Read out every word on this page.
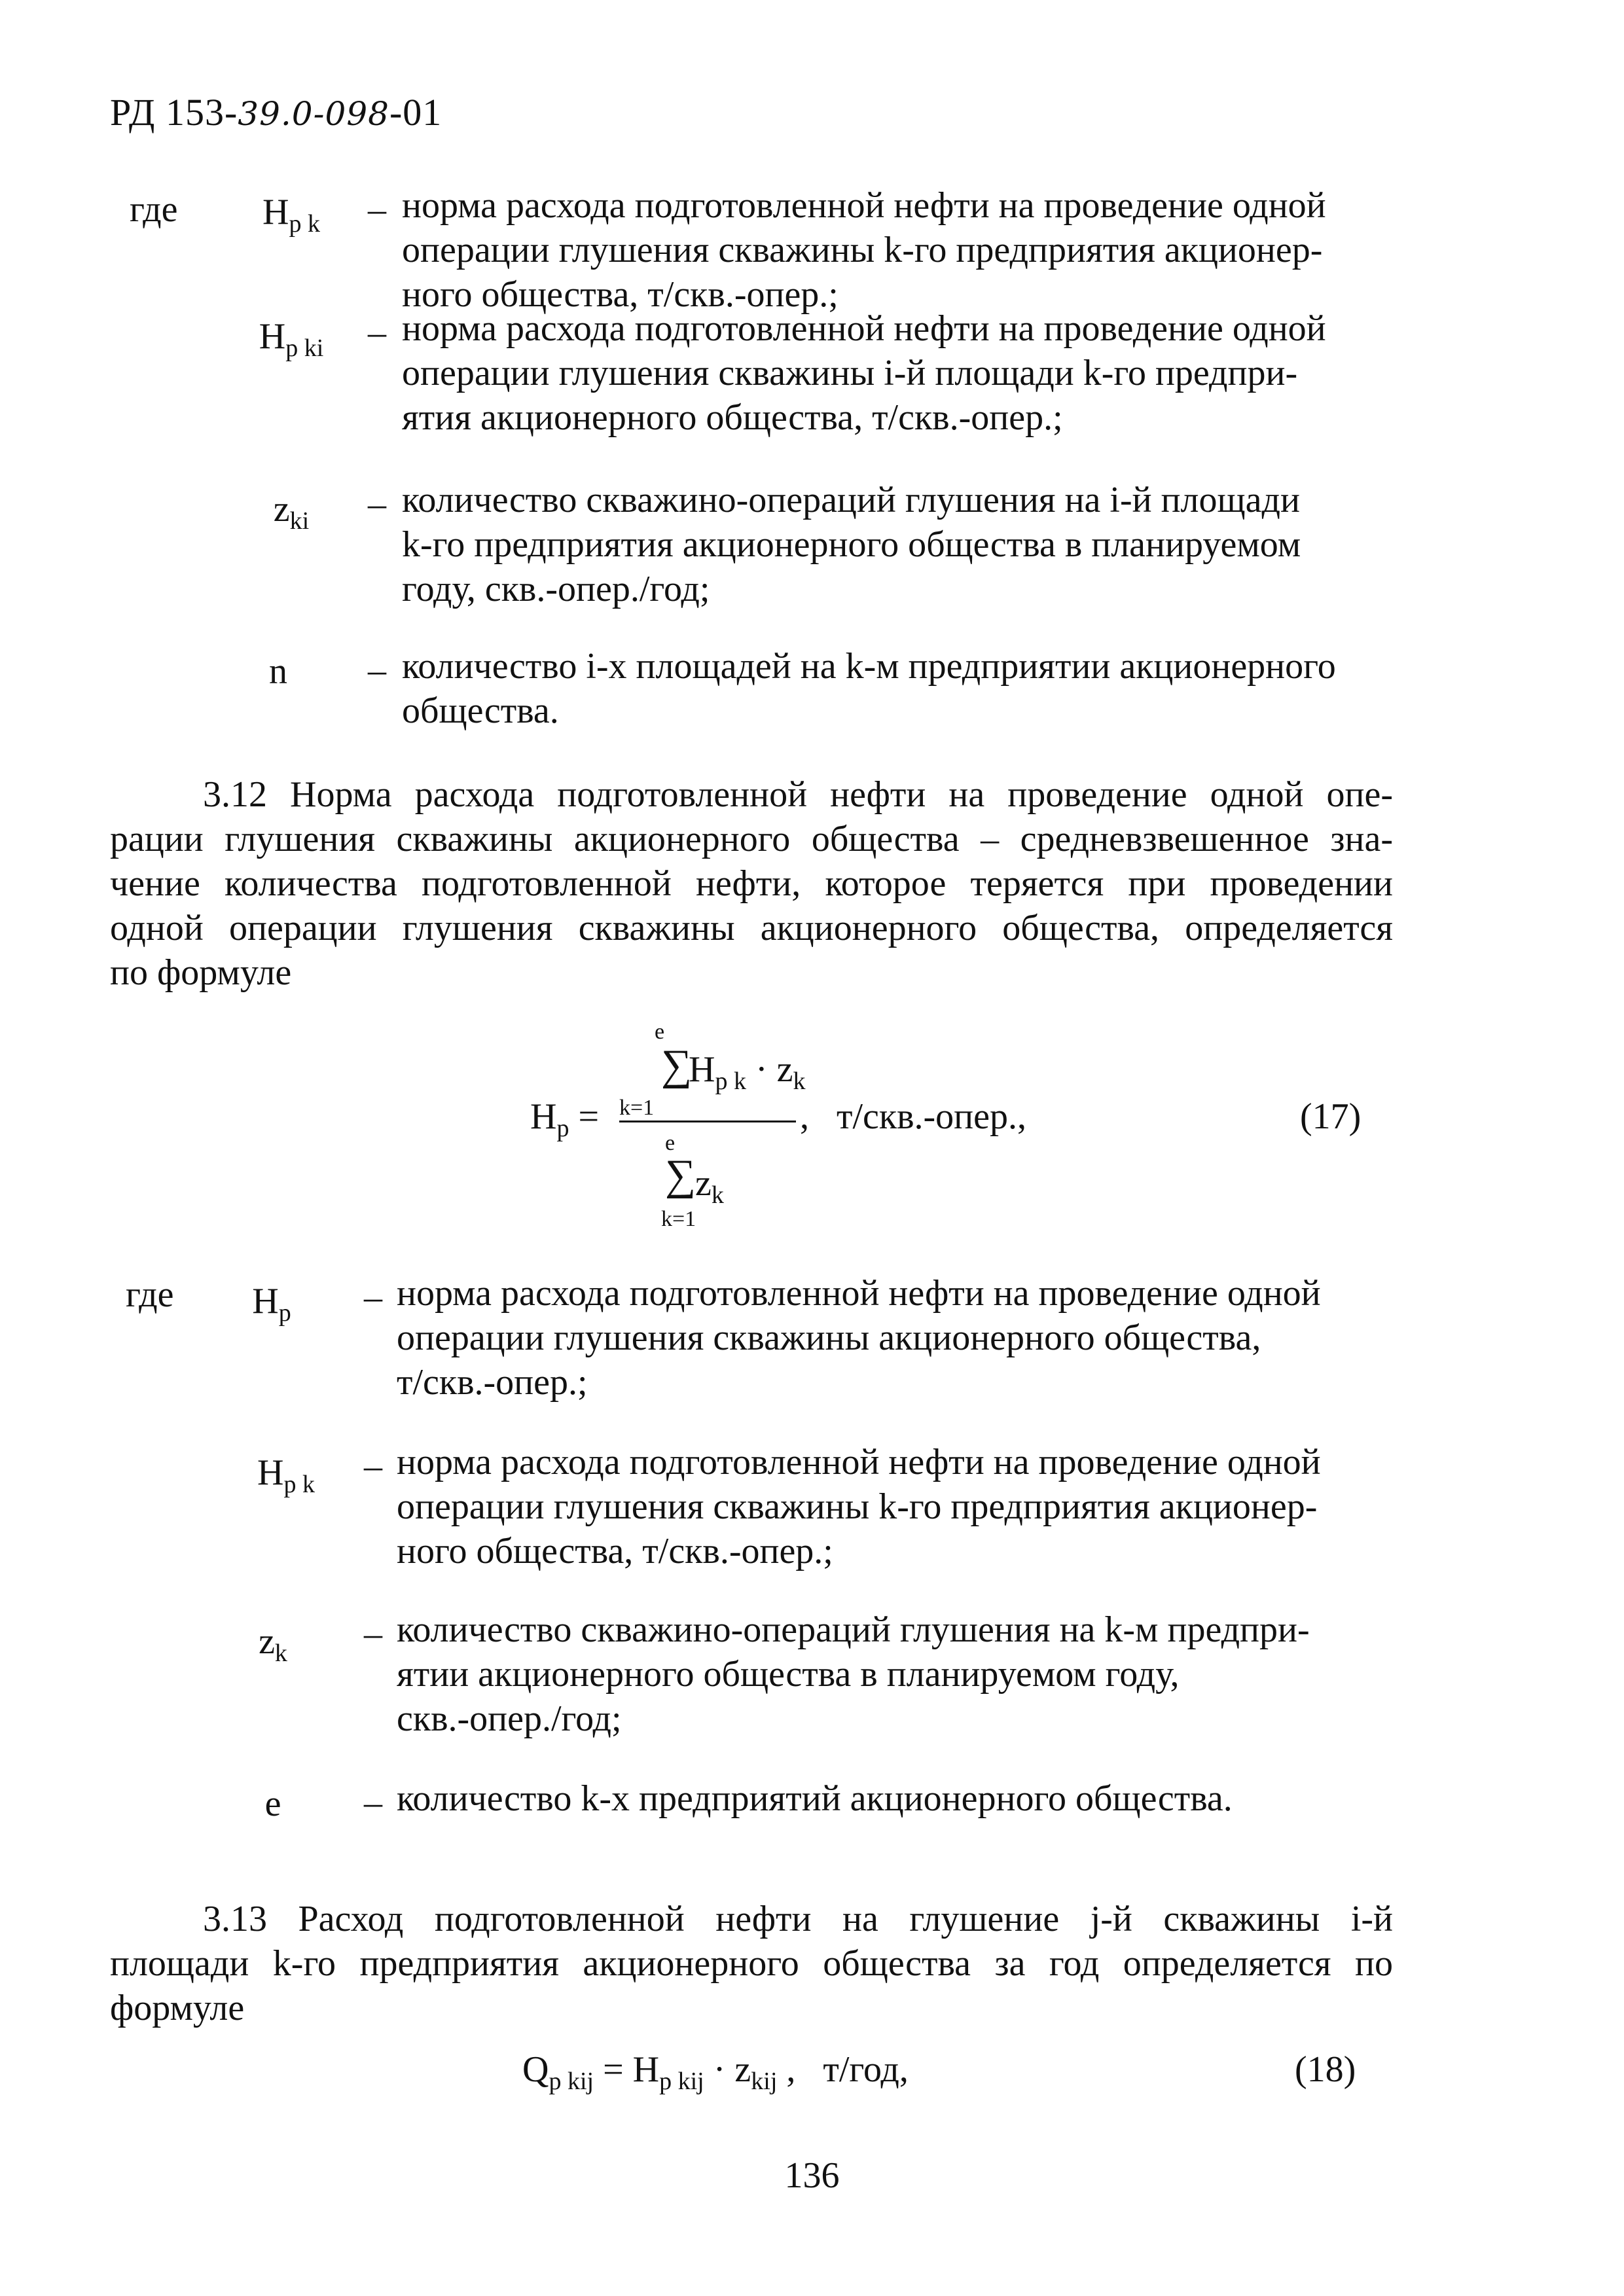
РД 153-39.0-098-01
где	$Н_{р k}$	– норма расхода подготовленной нефти на проведение одной
операции глушения скважины k-го предприятия акционер-
ного общества, т/скв.-опер.;
$Н_{р ki}$	– норма расхода подготовленной нефти на проведение одной
операции глушения скважины i-й площади k-го предпри-
ятия акционерного общества, т/скв.-опер.;
$z_{ki}$	– количество скважино-операций глушения на i-й площади
k-го предприятия акционерного общества в планируемом
году, скв.-опер./год;
n	– количество i-х площадей на k-м предприятии акционерного
общества.
3.12 Норма расхода подготовленной нефти на проведение одной опе-
рации глушения скважины акционерного общества – средневзвешенное зна-
чение количества подготовленной нефти, которое теряется при проведении
одной операции глушения скважины акционерного общества, определяется
по формуле
$Н_р$ =
e
∑
$Н_{р k} \cdot z_k$
k=1
e
∑
$z_k$
k=1
,   т/скв.-опер.,	(17)
где	$Н_р$	– норма расхода подготовленной нефти на проведение одной
операции глушения скважины акционерного общества,
т/скв.-опер.;
$Н_{р k}$	– норма расхода подготовленной нефти на проведение одной
операции глушения скважины k-го предприятия акционер-
ного общества, т/скв.-опер.;
$z_k$	– количество скважино-операций глушения на k-м предпри-
ятии акционерного общества в планируемом году,
скв.-опер./год;
e	– количество k-х предприятий акционерного общества.
3.13 Расход подготовленной нефти на глушение j-й скважины i-й
площади k-го предприятия акционерного общества за год определяется по
формуле
$Q_{р kij} = Н_{р kij} \cdot z_{kij}$ ,   т/год,	(18)
136
